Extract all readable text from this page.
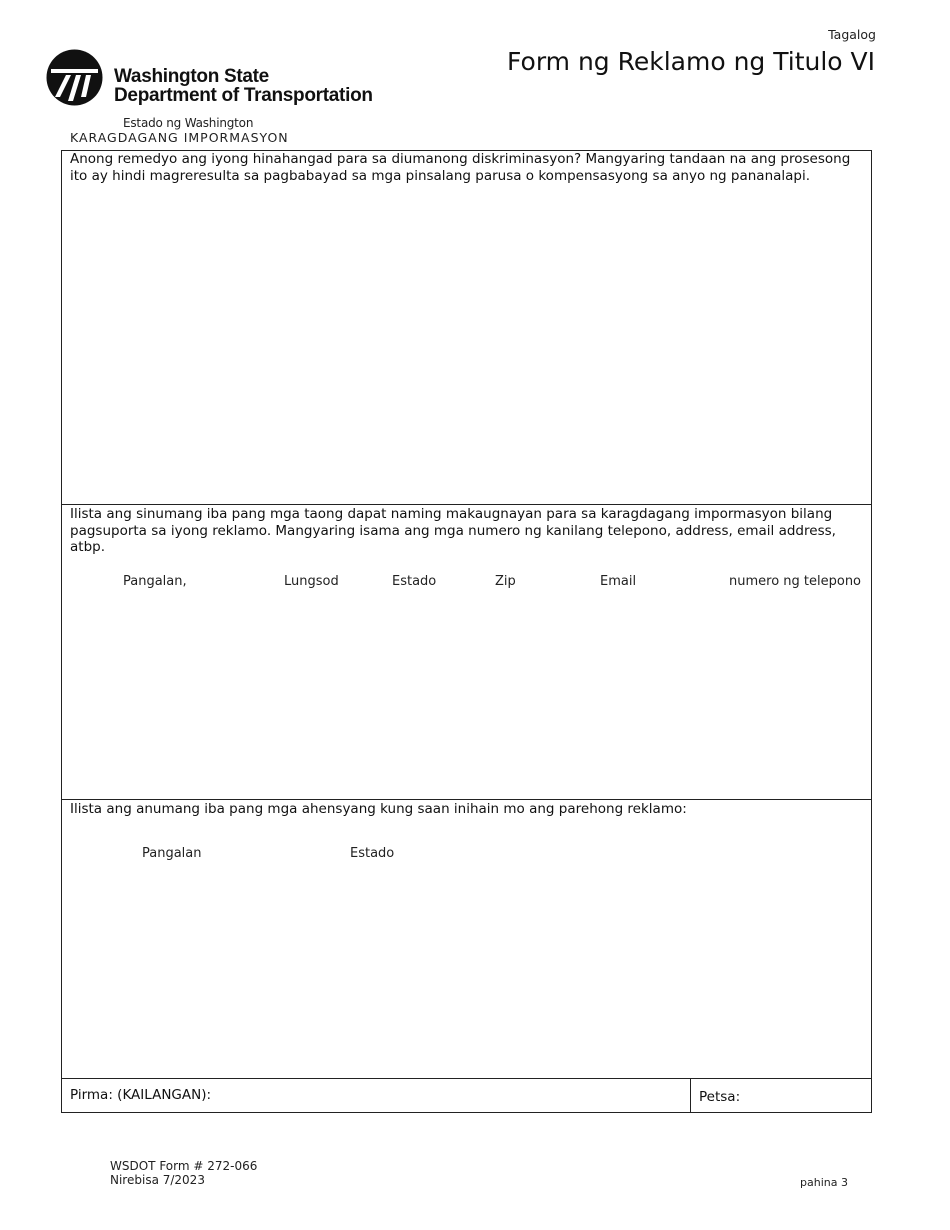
Washington State
Department of Transportation
Tagalog
Form ng Reklamo ng Titulo VI
Estado ng Washington
KARAGDAGANG IMPORMASYON
Anong remedyo ang iyong hinahangad para sa diumanong diskriminasyon? Mangyaring tandaan na ang prosesong ito ay hindi magreresulta sa pagbabayad sa mga pinsalang parusa o kompensasyong sa anyo ng pananalapi.
Ilista ang sinumang iba pang mga taong dapat naming makaugnayan para sa karagdagang impormasyon bilang pagsuporta sa iyong reklamo. Mangyaring isama ang mga numero ng kanilang telepono, address, email address, atbp.
Pangalan,	Lungsod	Estado	Zip	Email	numero ng telepono
Ilista ang anumang iba pang mga ahensyang kung saan inihain mo ang parehong reklamo:
Pangalan	Estado
Pirma: (KAILANGAN):	Petsa:
WSDOT Form # 272-066
Nirebisa 7/2023	pahina 3
